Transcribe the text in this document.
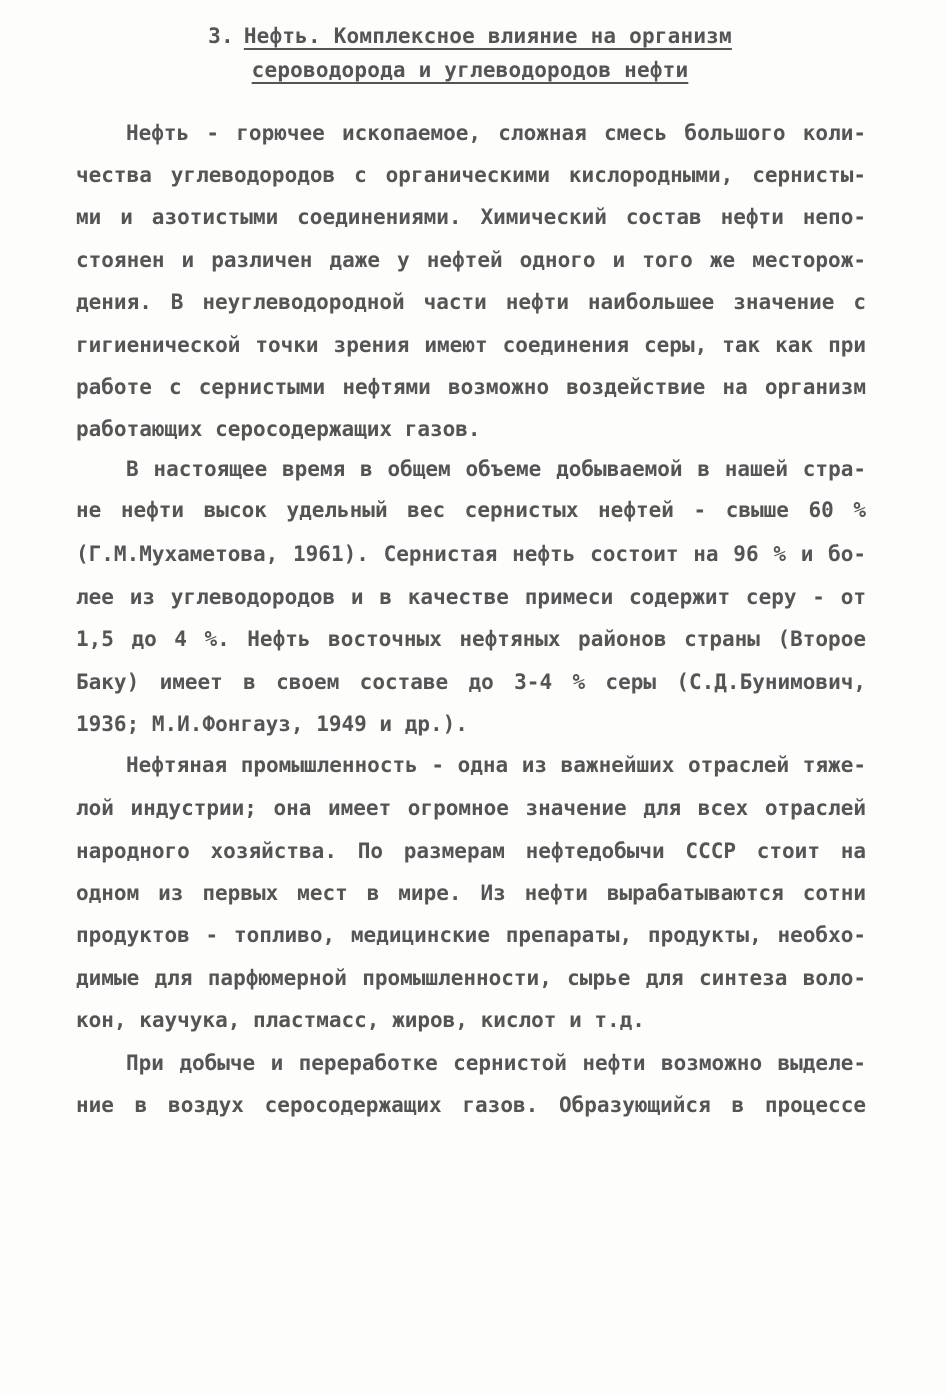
3. Нефть. Комплексное влияние на организм
сероводорода и углеводородов нефти
Нефть - горючее ископаемое, сложная смесь большого коли-
чества углеводородов с органическими кислородными, сернисты-
ми и азотистыми соединениями. Химический состав нефти непо-
стоянен и различен даже у нефтей одного и того же месторож-
дения. В неуглеводородной части нефти наибольшее значение с
гигиенической точки зрения имеют соединения серы, так как при
работе с сернистыми нефтями возможно воздействие на организм
работающих серосодержащих газов.
В настоящее время в общем объеме добываемой в нашей стра-
не нефти высок удельный вес сернистых нефтей - свыше 60 %
(Г.М.Мухаметова, 1961). Сернистая нефть состоит на 96 % и бо-
лее из углеводородов и в качестве примеси содержит серу - от
1,5 до 4 %. Нефть восточных нефтяных районов страны (Второе
Баку) имеет в своем составе до 3-4 % серы (С.Д.Бунимович,
1936; М.И.Фонгауз, 1949 и др.).
Нефтяная промышленность - одна из важнейших отраслей тяже-
лой индустрии; она имеет огромное значение для всех отраслей
народного хозяйства. По размерам нефтедобычи СССР стоит на
одном из первых мест в мире. Из нефти вырабатываются сотни
продуктов - топливо, медицинские препараты, продукты, необхо-
димые для парфюмерной промышленности, сырье для синтеза воло-
кон, каучука, пластмасс, жиров, кислот и т.д.
При добыче и переработке сернистой нефти возможно выделе-
ние в воздух серосодержащих газов. Образующийся в процессе
